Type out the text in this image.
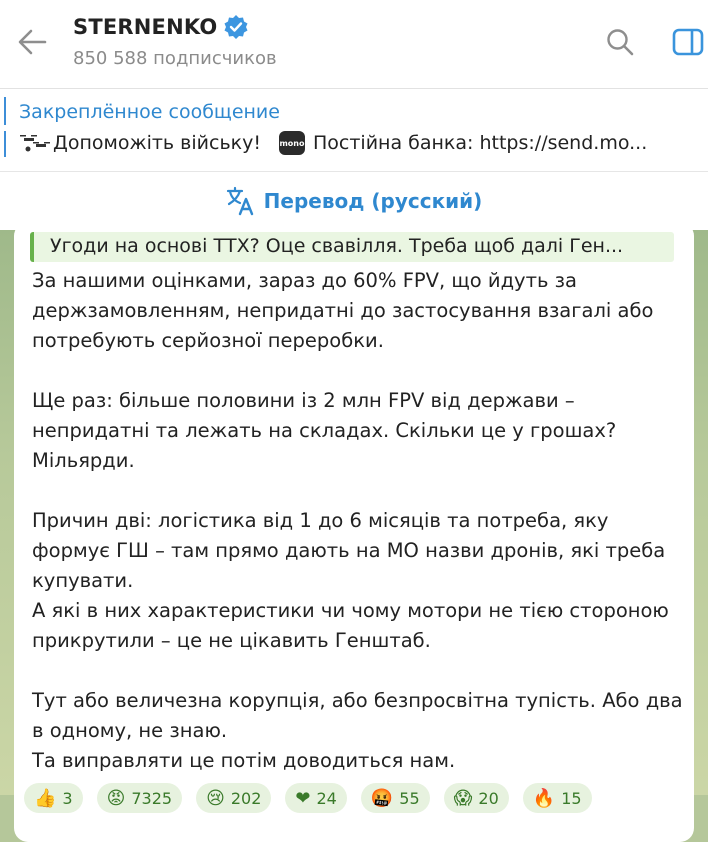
STERNENKO
850 588 подписчиков
Закреплённое сообщение
Допоможіть війську! mono Постійна банка: https://send.mo...
Перевод (русский)
Угоди на основі ТТХ? Оце свавілля. Треба щоб далі Ген...

За нашими оцінками, зараз до 60% FPV, що йдуть за держзамовленням, непридатні до застосування взагалі або потребують серйозної переробки.

Ще раз: більше половини із 2 млн FPV від держави – непридатні та лежать на складах. Скільки це у грошах? Мільярди.

Причин дві: логістика від 1 до 6 місяців та потреба, яку формує ГШ – там прямо дають на МО назви дронів, які треба купувати.
А які в них характеристики чи чому мотори не тією стороною прикрутили – це не цікавить Генштаб.

Тут або величезна корупція, або безпросвітна тупість. Або два в одному, не знаю.
Та виправляти це потім доводиться нам.

👍 3 😡 7325 😢 202 ❤ 24 🤬 55 😱 20 🔥 15
